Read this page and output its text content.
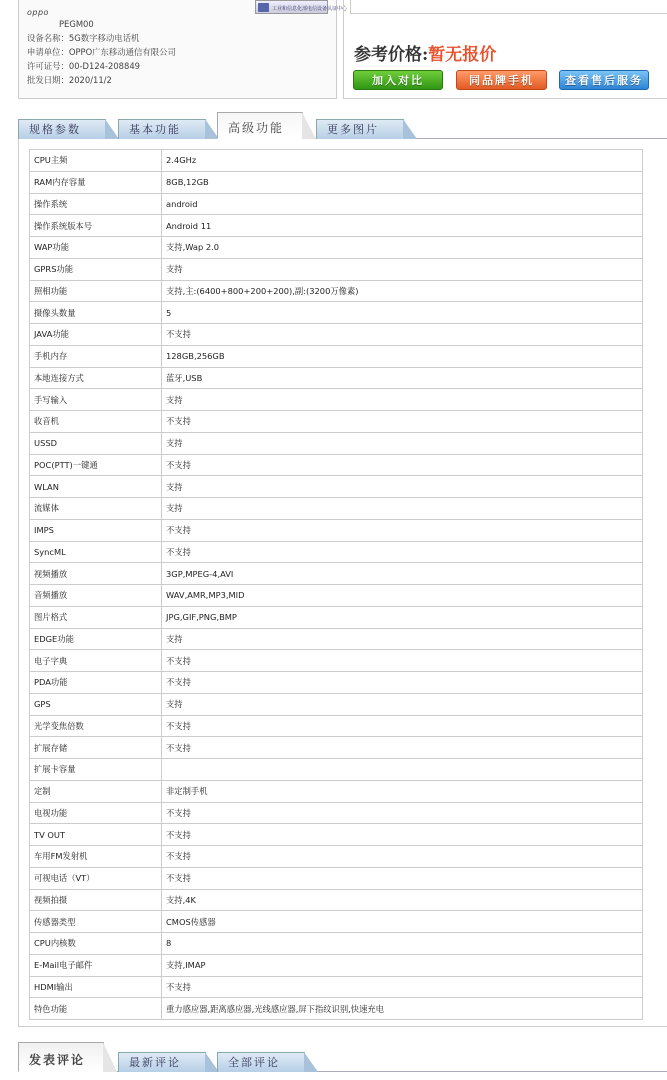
oppo	工业和信息化部电信设备认证中心
PEGM00
设备名称：5G数字移动电话机
申请单位：OPPO广东移动通信有限公司
许可证号：00-D124-208849
批发日期：2020/11/2
参考价格:暂无报价
加入对比	同品牌手机	查看售后服务
规格参数	基本功能	高级功能	更多图片
CPU主频	2.4GHz
RAM内存容量	8GB,12GB
操作系统	android
操作系统版本号	Android 11
WAP功能	支持,Wap 2.0
GPRS功能	支持
照相功能	支持,主:(6400+800+200+200),副:(3200万像素)
摄像头数量	5
JAVA功能	不支持
手机内存	128GB,256GB
本地连接方式	蓝牙,USB
手写输入	支持
收音机	不支持
USSD	支持
POC(PTT)一键通	不支持
WLAN	支持
流媒体	支持
IMPS	不支持
SyncML	不支持
视频播放	3GP,MPEG-4,AVI
音频播放	WAV,AMR,MP3,MID
图片格式	JPG,GIF,PNG,BMP
EDGE功能	支持
电子字典	不支持
PDA功能	不支持
GPS	支持
光学变焦倍数	不支持
扩展存储	不支持
扩展卡容量	
定制	非定制手机
电视功能	不支持
TV OUT	不支持
车用FM发射机	不支持
可视电话（VT）	不支持
视频拍摄	支持,4K
传感器类型	CMOS传感器
CPU内核数	8
E-Mail电子邮件	支持,IMAP
HDMI输出	不支持
特色功能	重力感应器,距离感应器,光线感应器,屏下指纹识别,快速充电
发表评论	最新评论	全部评论
